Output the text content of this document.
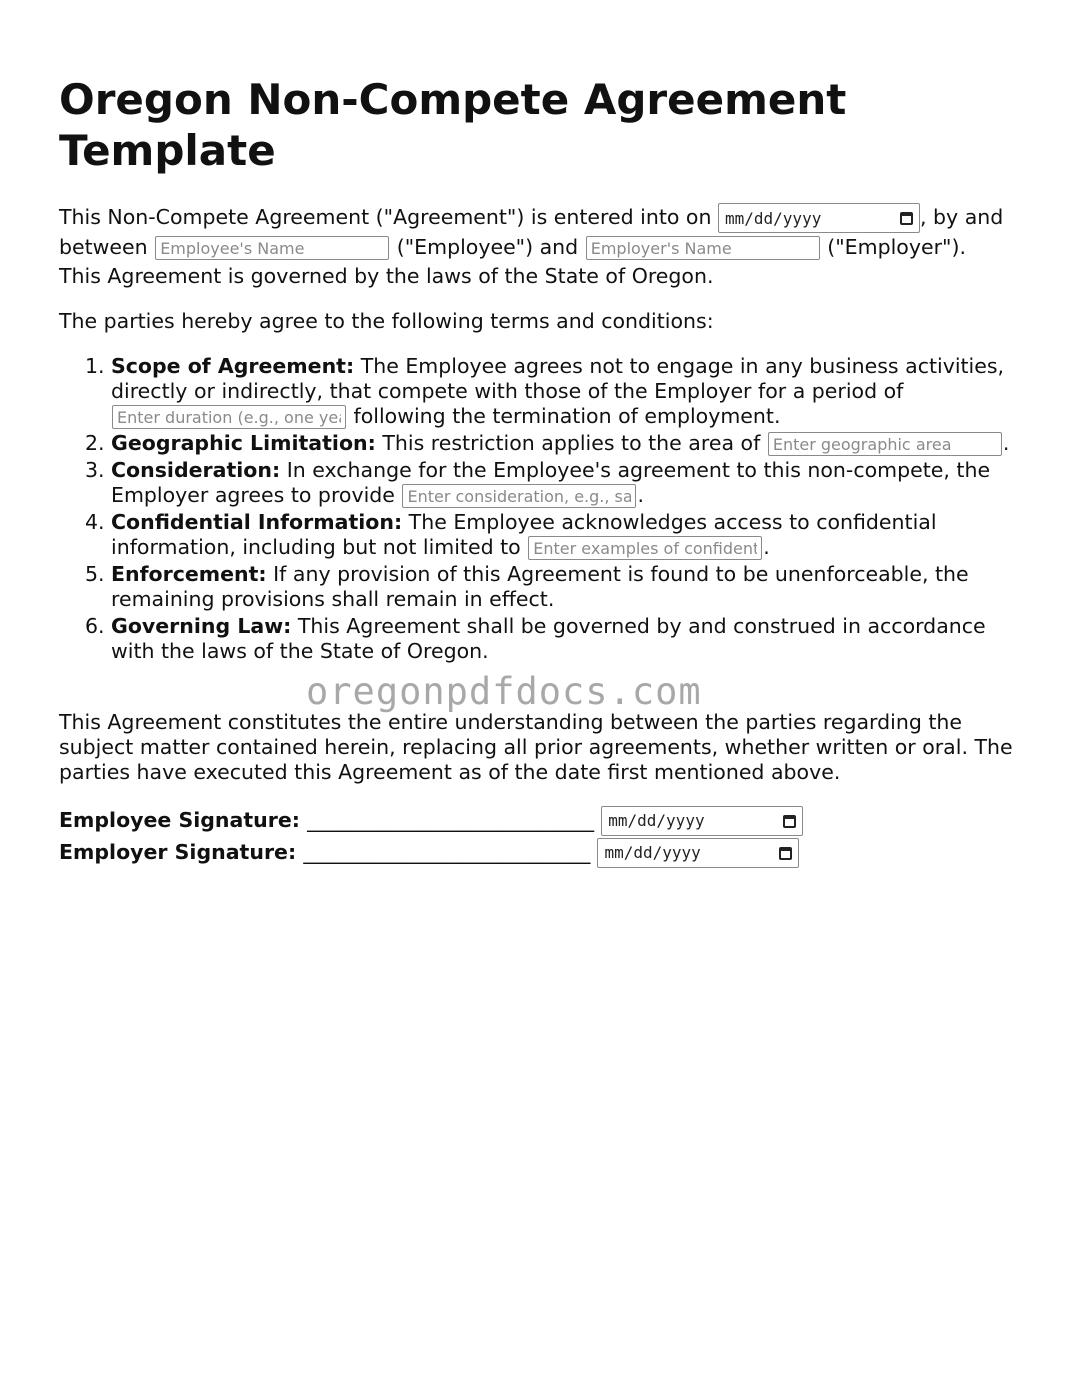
Oregon Non-Compete Agreement Template

This Non-Compete Agreement ("Agreement") is entered into on mm/dd/yyyy	, by and between Employee's Name	("Employee") and Employer's Name	("Employer"). This Agreement is governed by the laws of the State of Oregon.

The parties hereby agree to the following terms and conditions:

1. Scope of Agreement: The Employee agrees not to engage in any business activities, directly or indirectly, that compete with those of the Employer for a period of Enter duration (e.g., one year) following the termination of employment.
2. Geographic Limitation: This restriction applies to the area of Enter geographic area	.
3. Consideration: In exchange for the Employee's agreement to this non-compete, the Employer agrees to provide Enter consideration, e.g., salary	.
4. Confidential Information: The Employee acknowledges access to confidential information, including but not limited to Enter examples of confidential information	.
5. Enforcement: If any provision of this Agreement is found to be unenforceable, the remaining provisions shall remain in effect.
6. Governing Law: This Agreement shall be governed by and construed in accordance with the laws of the State of Oregon.
oregonpdfdocs.com

This Agreement constitutes the entire understanding between the parties regarding the subject matter contained herein, replacing all prior agreements, whether written or oral. The parties have executed this Agreement as of the date first mentioned above.

Employee Signature: ____________________________ mm/dd/yyyy
Employer Signature: ____________________________ mm/dd/yyyy
